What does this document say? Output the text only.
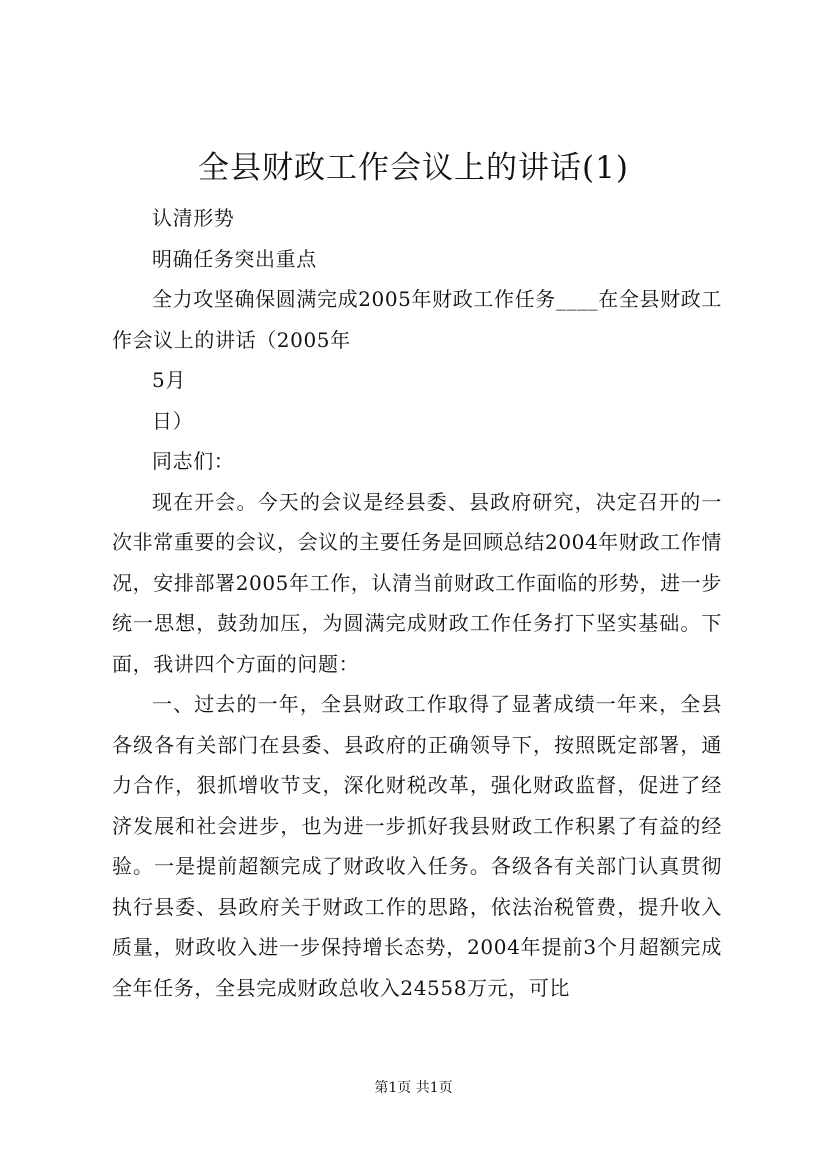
全县财政工作会议上的讲话(1)

认清形势

明确任务突出重点

全力攻坚确保圆满完成2005年财政工作任务____在全县财政工作会议上的讲话（2005年

5月

日）

同志们：

现在开会。今天的会议是经县委、县政府研究，决定召开的一次非常重要的会议，会议的主要任务是回顾总结2004年财政工作情况，安排部署2005年工作，认清当前财政工作面临的形势，进一步统一思想，鼓劲加压，为圆满完成财政工作任务打下坚实基础。下面，我讲四个方面的问题：

一、过去的一年，全县财政工作取得了显著成绩一年来，全县各级各有关部门在县委、县政府的正确领导下，按照既定部署，通力合作，狠抓增收节支，深化财税改革，强化财政监督，促进了经济发展和社会进步，也为进一步抓好我县财政工作积累了有益的经验。一是提前超额完成了财政收入任务。各级各有关部门认真贯彻执行县委、县政府关于财政工作的思路，依法治税管费，提升收入质量，财政收入进一步保持增长态势，2004年提前3个月超额完成全年任务，全县完成财政总收入24558万元，可比

第1页 共1页
